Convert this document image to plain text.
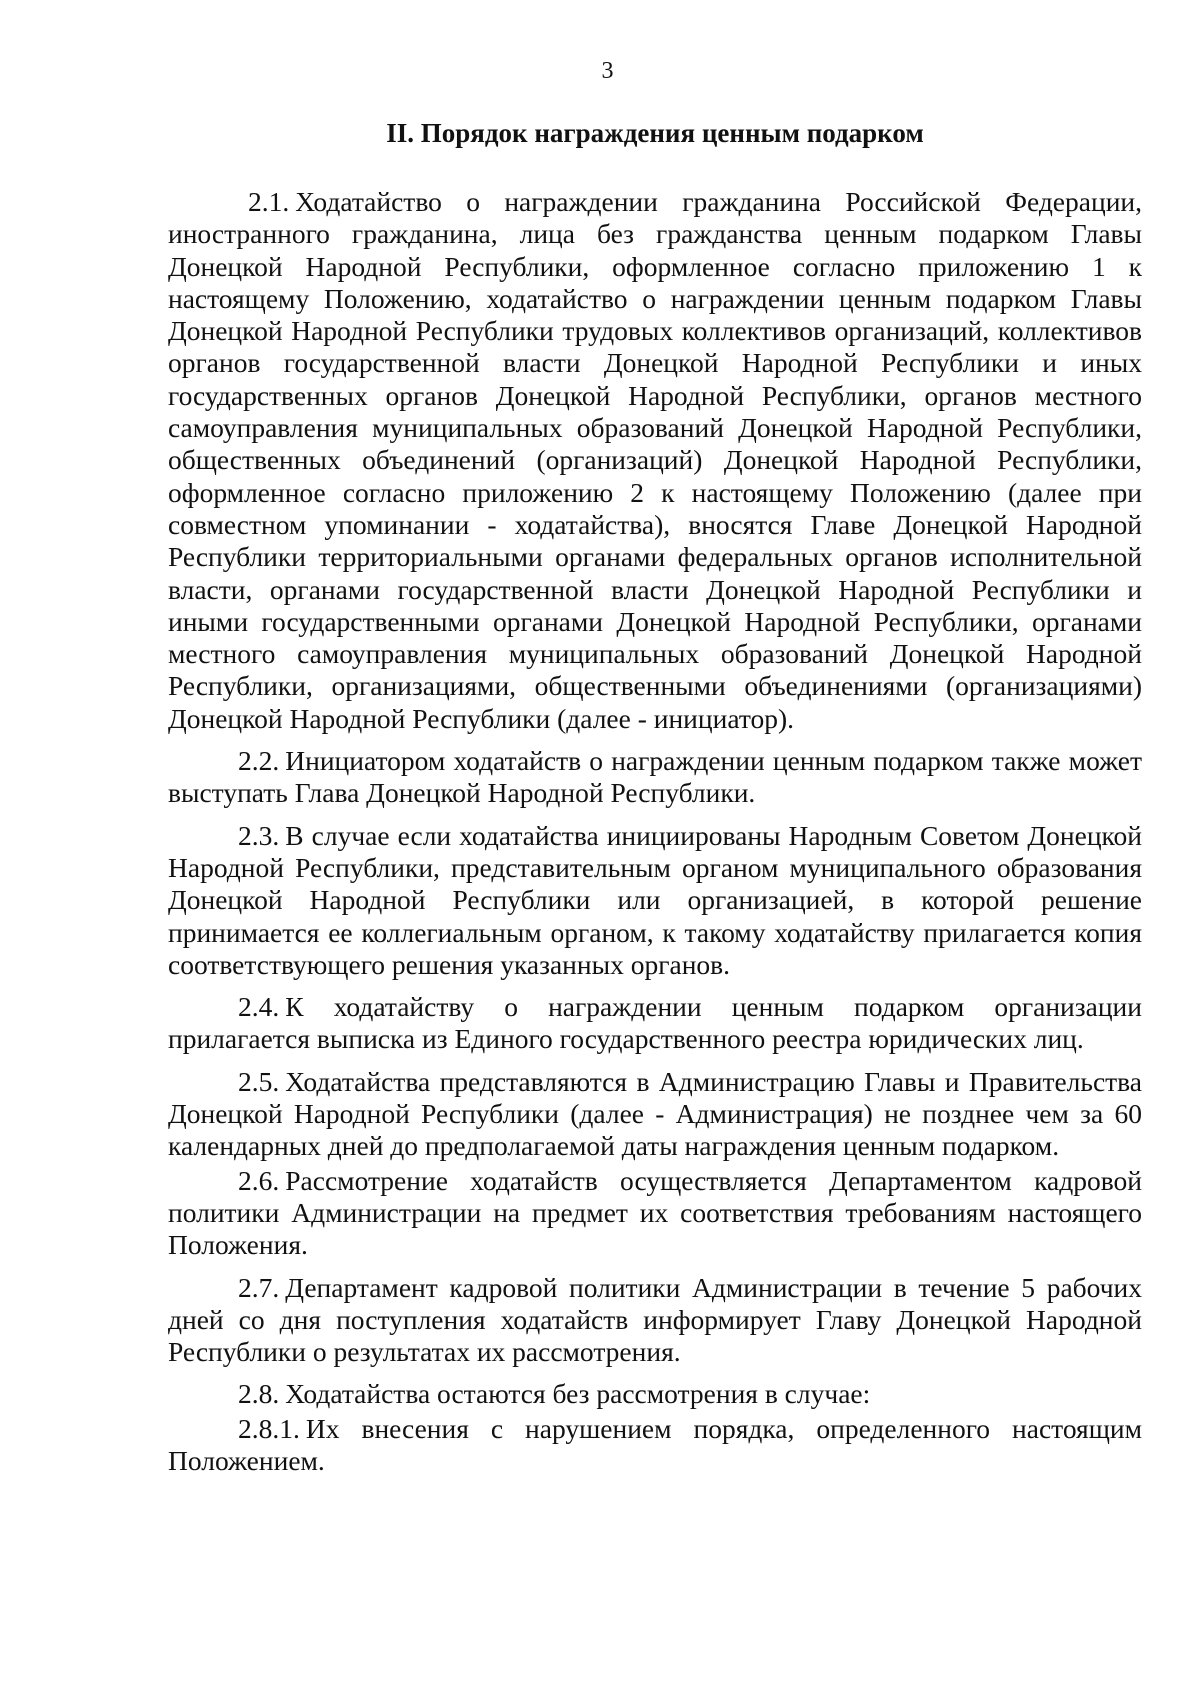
3
II. Порядок награждения ценным подарком

2.1. Ходатайство о награждении гражданина Российской Федерации, иностранного гражданина, лица без гражданства ценным подарком Главы Донецкой Народной Республики, оформленное согласно приложению 1 к настоящему Положению, ходатайство о награждении ценным подарком Главы Донецкой Народной Республики трудовых коллективов организаций, коллективов органов государственной власти Донецкой Народной Республики и иных государственных органов Донецкой Народной Республики, органов местного самоуправления муниципальных образований Донецкой Народной Республики, общественных объединений (организаций) Донецкой Народной Республики, оформленное согласно приложению 2 к настоящему Положению (далее при совместном упоминании - ходатайства), вносятся Главе Донецкой Народной Республики территориальными органами федеральных органов исполнительной власти, органами государственной власти Донецкой Народной Республики и иными государственными органами Донецкой Народной Республики, органами местного самоуправления муниципальных образований Донецкой Народной Республики, организациями, общественными объединениями (организациями) Донецкой Народной Республики (далее - инициатор).

2.2. Инициатором ходатайств о награждении ценным подарком также может выступать Глава Донецкой Народной Республики.

2.3. В случае если ходатайства инициированы Народным Советом Донецкой Народной Республики, представительным органом муниципального образования Донецкой Народной Республики или организацией, в которой решение принимается ее коллегиальным органом, к такому ходатайству прилагается копия соответствующего решения указанных органов.

2.4. К ходатайству о награждении ценным подарком организации прилагается выписка из Единого государственного реестра юридических лиц.

2.5. Ходатайства представляются в Администрацию Главы и Правительства Донецкой Народной Республики (далее - Администрация) не позднее чем за 60 календарных дней до предполагаемой даты награждения ценным подарком.

2.6. Рассмотрение ходатайств осуществляется Департаментом кадровой политики Администрации на предмет их соответствия требованиям настоящего Положения.

2.7. Департамент кадровой политики Администрации в течение 5 рабочих дней со дня поступления ходатайств информирует Главу Донецкой Народной Республики о результатах их рассмотрения.

2.8. Ходатайства остаются без рассмотрения в случае:

2.8.1. Их внесения с нарушением порядка, определенного настоящим Положением.
